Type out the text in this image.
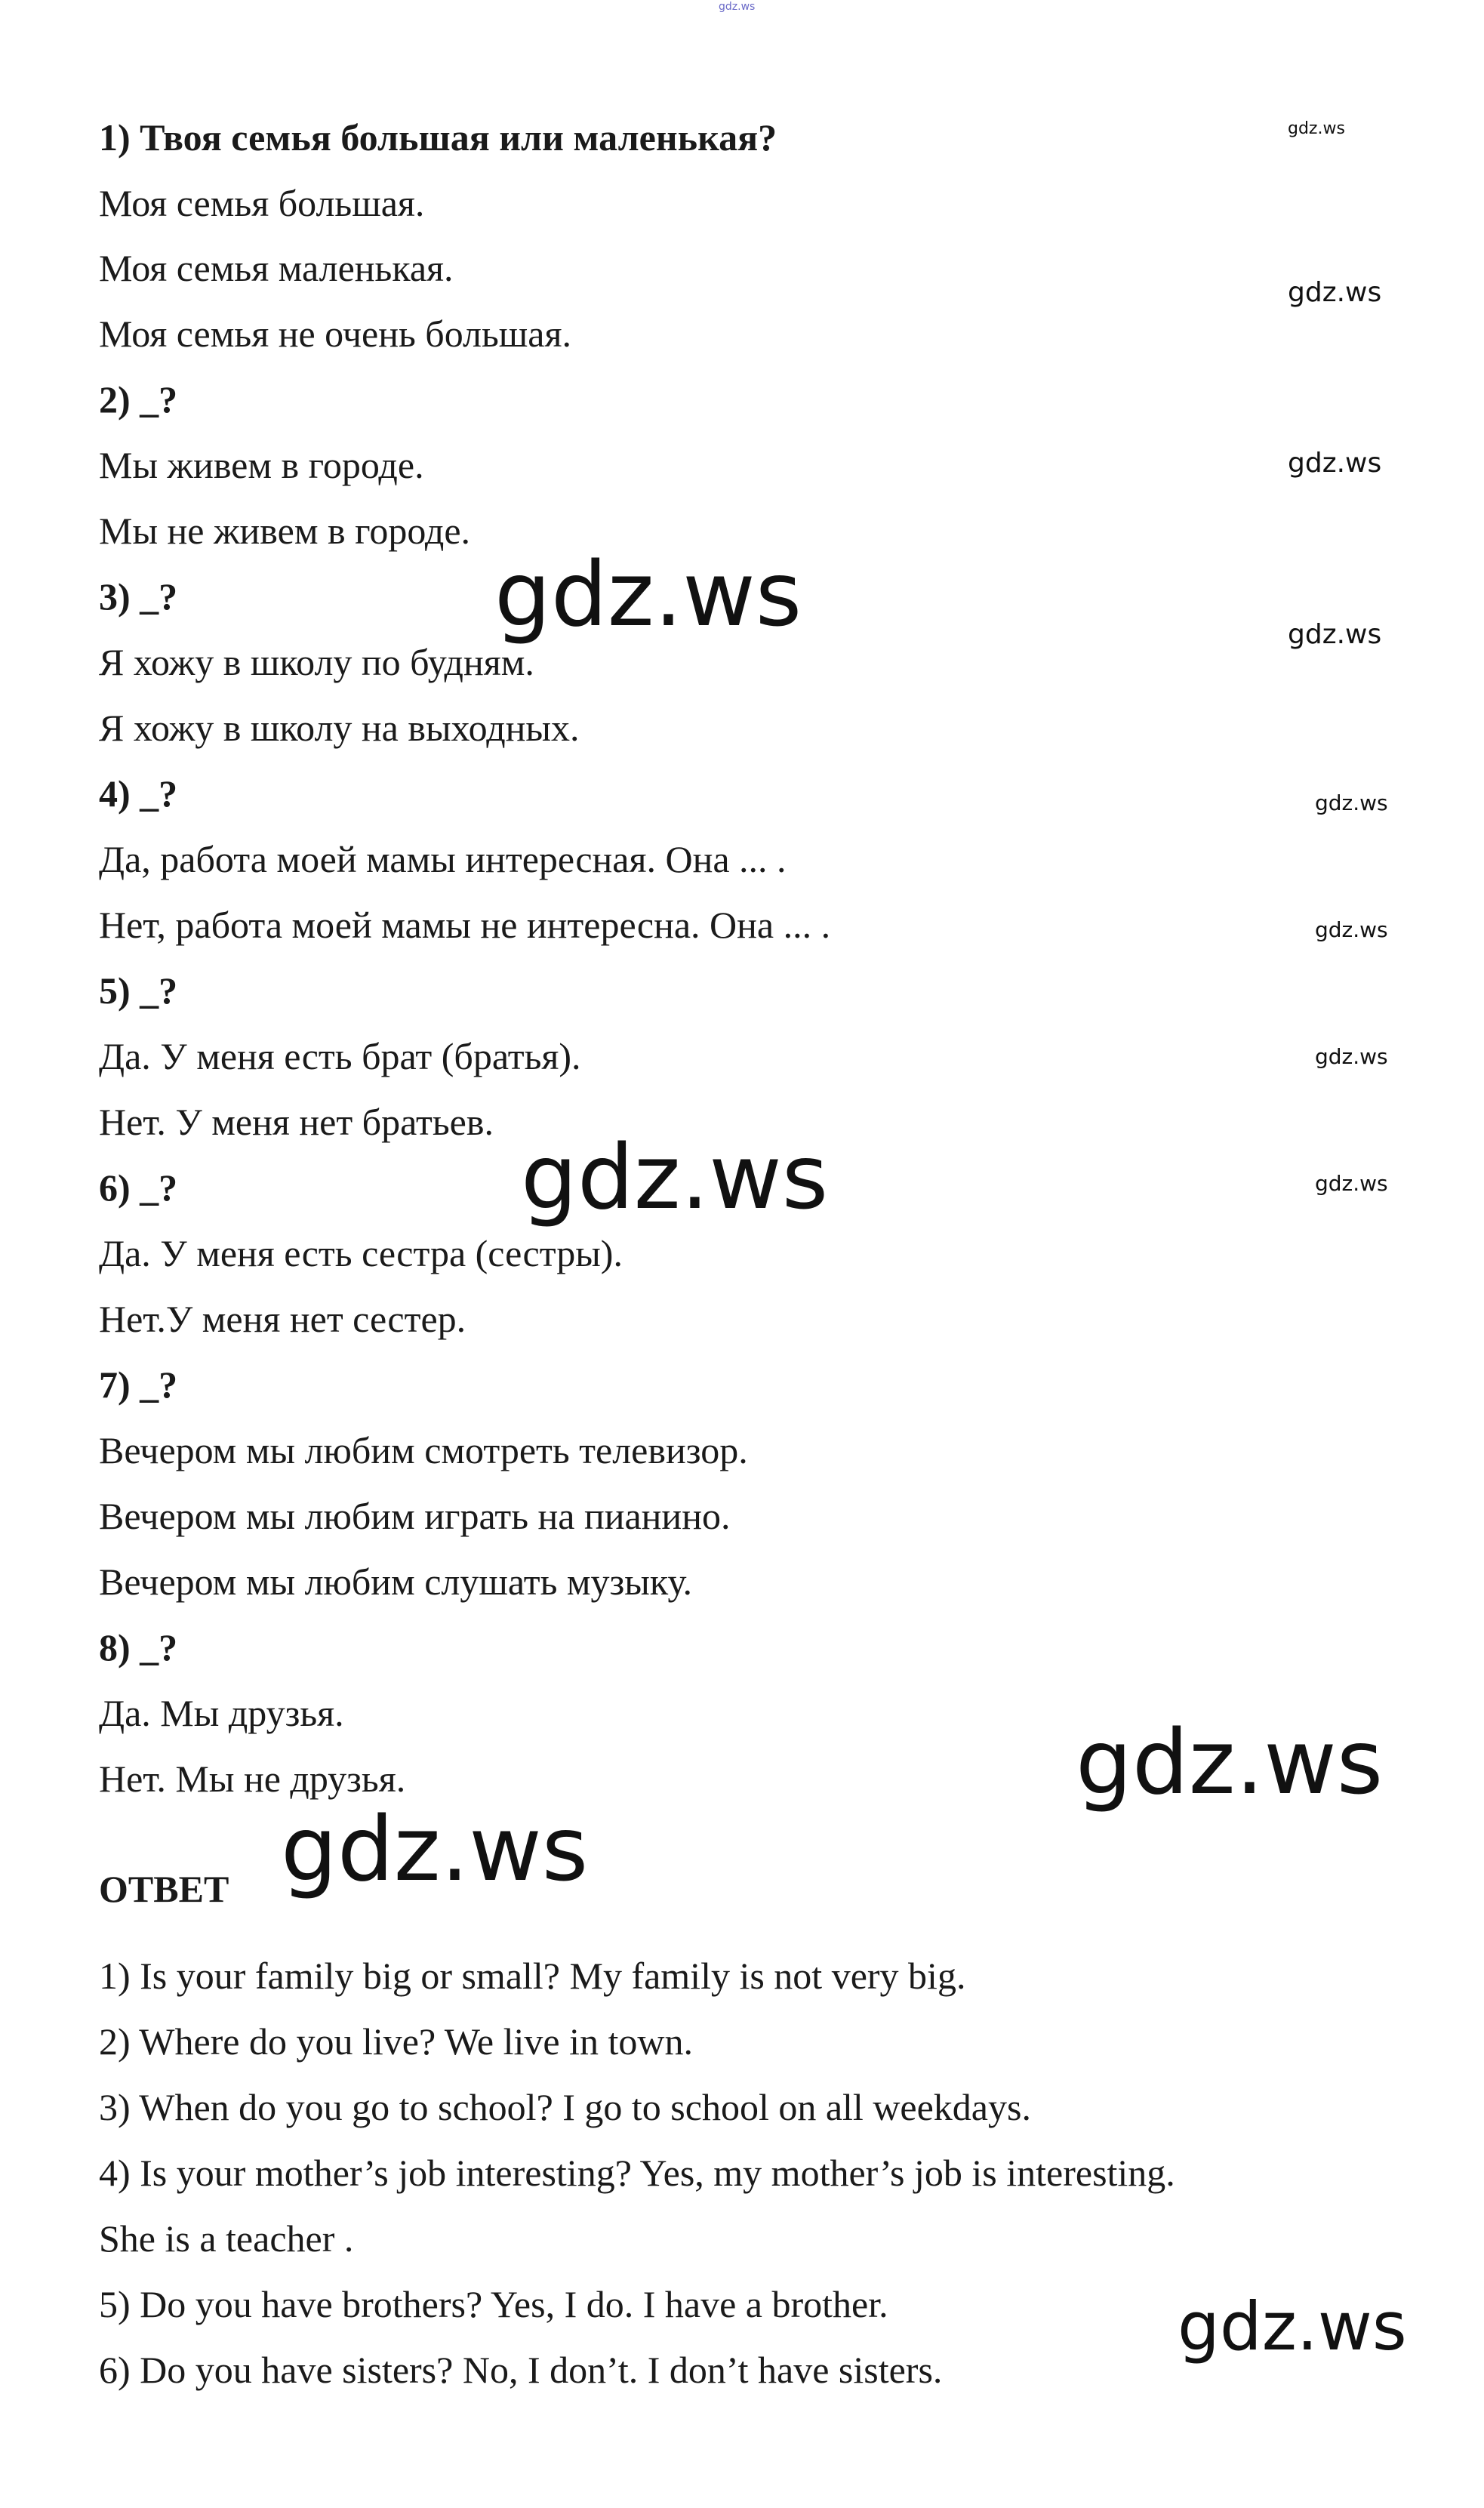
gdz.ws
gdz.ws
gdz.ws
gdz.ws
gdz.ws
gdz.ws
gdz.ws
gdz.ws
gdz.ws
1) Твоя семья большая или маленькая?
Моя семья большая.
Моя семья маленькая.
Моя семья не очень большая.
2) _?
Мы живем в городе.
Мы не живем в городе.
3) _?
Я хожу в школу по будням.
Я хожу в школу на выходных.
4) _?
Да, работа моей мамы интересная. Она ... .
Нет, работа моей мамы не интересна. Она ... .
5) _?
Да. У меня есть брат (братья).
Нет. У меня нет братьев.
6) _?
Да. У меня есть сестра (сестры).
Нет.У меня нет сестер.
7) _?
Вечером мы любим смотреть телевизор.
Вечером мы любим играть на пианино.
Вечером мы любим слушать музыку.
8) _?
Да. Мы друзья.
Нет. Мы не друзья.
ОТВЕТ
1) Is your family big or small? My family is not very big.
2) Where do you live? We live in town.
3) When do you go to school? I go to school on all weekdays.
4) Is your mother’s job interesting? Yes, my mother’s job is interesting.
She is a teacher .
5) Do you have brothers? Yes, I do. I have a brother.
6) Do you have sisters? No, I don’t. I don’t have sisters.
gdz.ws
gdz.ws
gdz.ws
gdz.ws
gdz.ws
